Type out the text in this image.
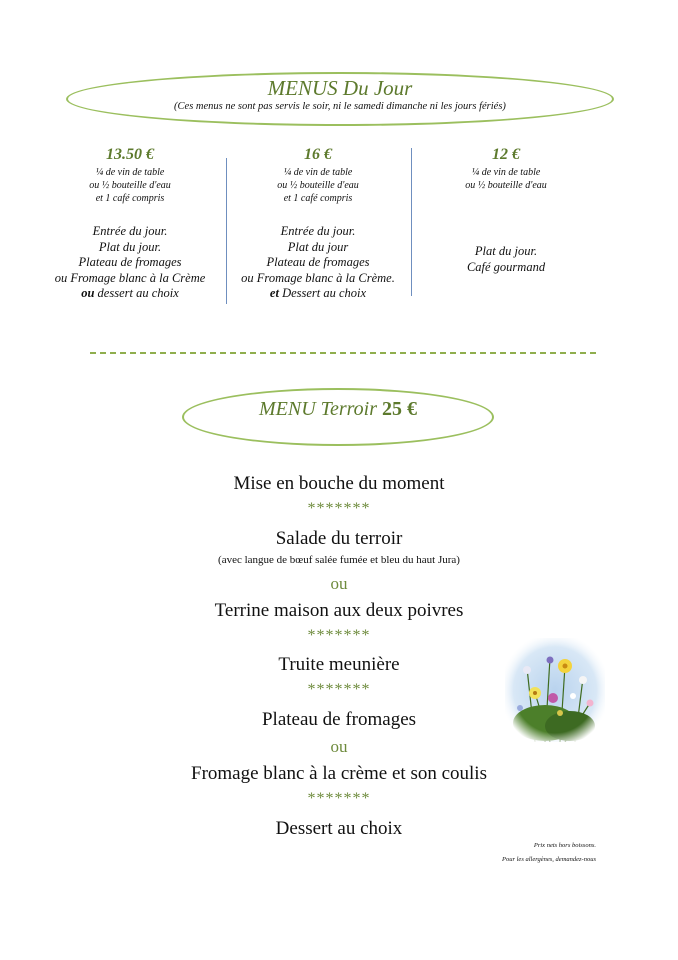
MENUS Du Jour
(Ces menus ne sont pas servis le soir, ni le samedi dimanche ni les jours fériés)
13.50 €
¼ de vin de table
ou ½ bouteille d'eau
et 1 café compris
Entrée du jour.
Plat du jour.
Plateau de fromages
ou Fromage blanc à la Crème
ou dessert au choix
16 €
¼ de vin de table
ou ½ bouteille d'eau
et 1 café compris
Entrée du jour.
Plat du jour
Plateau de fromages
ou Fromage blanc à la Crème.
et Dessert au choix
12 €
¼ de vin de table
ou ½ bouteille d'eau
Plat du jour.
Café gourmand
MENU Terroir 25 €
Mise en bouche du moment
*******
Salade du terroir
(avec langue de bœuf salée fumée et bleu du haut Jura)
ou
Terrine maison aux deux poivres
*******
Truite meunière
*******
Plateau de fromages
ou
Fromage blanc à la crème et son coulis
*******
Dessert au choix
Prix nets hors boissons.
Pour les allergènes, demandez-nous
